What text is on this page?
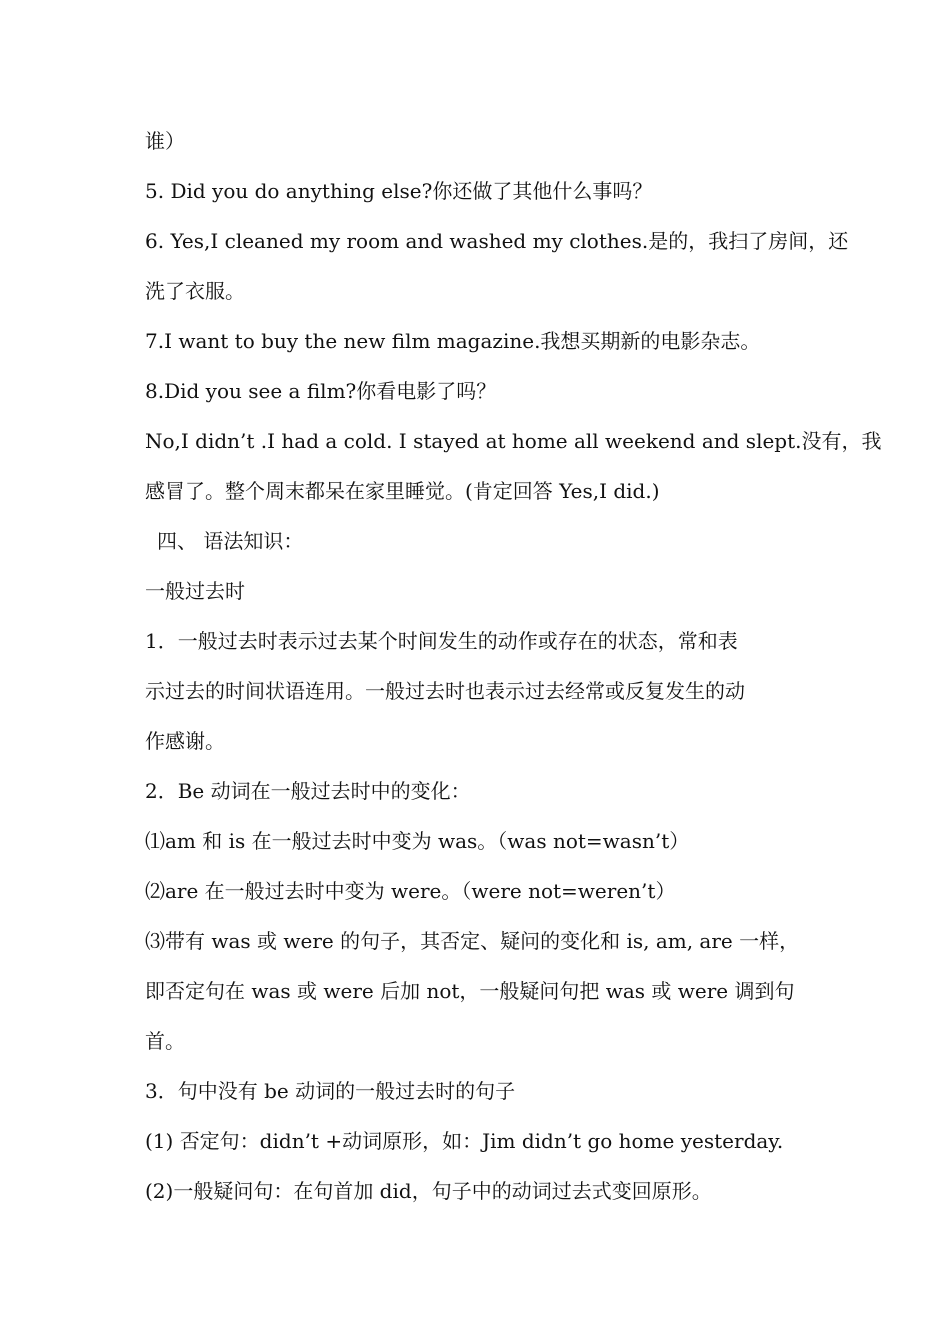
谁）
5. Did you do anything else?你还做了其他什么事吗？
6. Yes,I cleaned my room and washed my clothes.是的，我扫了房间，还
洗了衣服。
7.I want to buy the new film magazine.我想买期新的电影杂志。
8.Did you see a film?你看电影了吗？
No,I didn’t .I had a cold. I stayed at home all weekend and slept.没有，我
感冒了。整个周末都呆在家里睡觉。(肯定回答 Yes,I did.)
四、 语法知识：
一般过去时
1．一般过去时表示过去某个时间发生的动作或存在的状态，常和表
示过去的时间状语连用。一般过去时也表示过去经常或反复发生的动
作感谢。
2．Be 动词在一般过去时中的变化：
⑴am 和 is 在一般过去时中变为 was。（was not=wasn’t）
⑵are 在一般过去时中变为 were。（were not=weren’t）
⑶带有 was 或 were 的句子，其否定、疑问的变化和 is, am, are 一样，
即否定句在 was 或 were 后加 not，一般疑问句把 was 或 were 调到句
首。
3．句中没有 be 动词的一般过去时的句子
(1) 否定句：didn’t +动词原形，如：Jim didn’t go home yesterday.
(2)一般疑问句：在句首加 did，句子中的动词过去式变回原形。
